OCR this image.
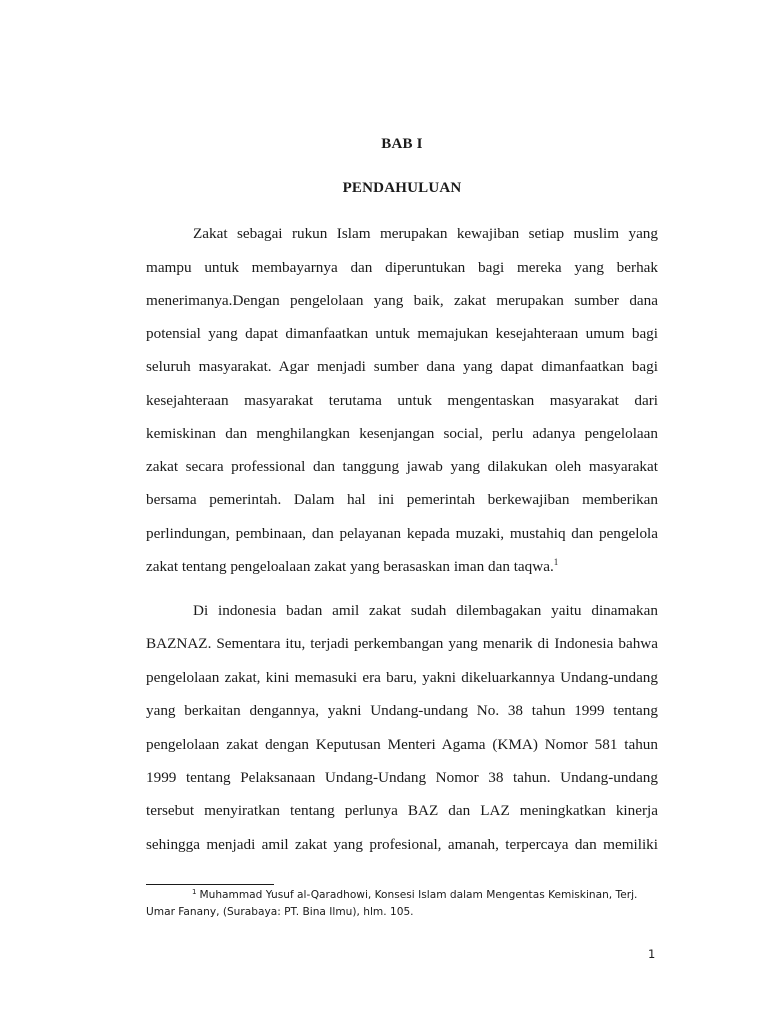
BAB I
PENDAHULUAN
Zakat sebagai rukun Islam merupakan kewajiban setiap muslim yang
mampu untuk membayarnya dan diperuntukan bagi mereka yang berhak
menerimanya.Dengan pengelolaan yang baik, zakat merupakan sumber dana
potensial yang dapat dimanfaatkan untuk memajukan kesejahteraan umum bagi
seluruh masyarakat. Agar menjadi sumber dana yang dapat dimanfaatkan bagi
kesejahteraan masyarakat terutama untuk mengentaskan masyarakat dari
kemiskinan dan menghilangkan kesenjangan social, perlu adanya pengelolaan
zakat secara professional dan tanggung jawab yang dilakukan oleh masyarakat
bersama pemerintah. Dalam hal ini pemerintah berkewajiban memberikan
perlindungan, pembinaan, dan pelayanan kepada muzaki, mustahiq dan pengelola
zakat tentang pengeloalaan zakat yang berasaskan iman dan taqwa.$^1$
Di indonesia badan amil zakat sudah dilembagakan yaitu dinamakan
BAZNAZ. Sementara itu, terjadi perkembangan yang menarik di Indonesia bahwa
pengelolaan zakat, kini memasuki era baru, yakni dikeluarkannya Undang-undang
yang berkaitan dengannya, yakni Undang-undang No. 38 tahun 1999 tentang
pengelolaan zakat dengan Keputusan Menteri Agama (KMA) Nomor 581 tahun
1999 tentang Pelaksanaan Undang-Undang Nomor 38 tahun. Undang-undang
tersebut menyiratkan tentang perlunya BAZ dan LAZ meningkatkan kinerja
sehingga menjadi amil zakat yang profesional, amanah, terpercaya dan memiliki
$^1$ Muhammad Yusuf al-Qaradhowi, Konsesi Islam dalam Mengentas Kemiskinan, Terj.
Umar Fanany, (Surabaya: PT. Bina Ilmu), hlm. 105.
1
